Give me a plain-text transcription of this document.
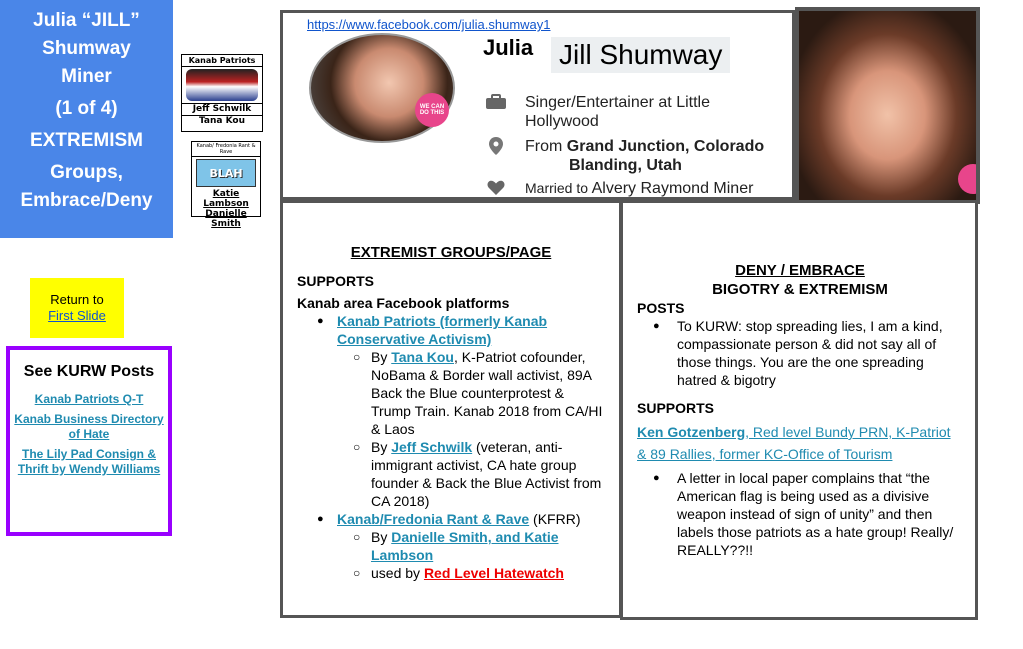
Julia “JILL”
Shumway
Miner
(1 of 4)
EXTREMISM
Groups,
Embrace/Deny
Kanab Patriots
Jeff Schwilk
Tana Kou
Kanab/ Fredonia Rant & Rave
BLAH
Katie Lambson
Danielle Smith
Return to
First Slide
See KURW Posts
Kanab Patriots Q-T
Kanab Business Directory of Hate
The Lily Pad Consign & Thrift by Wendy Williams
https://www.facebook.com/julia.shumway1
WE CAN DO THIS
Julia Jill Shumway
Singer/Entertainer at Little Hollywood
From Grand Junction, Colorado
Blanding, Utah
Married to Alvery Raymond Miner
EXTREMIST GROUPS/PAGE
SUPPORTS
Kanab area Facebook platforms
● Kanab Patriots (formerly Kanab Conservative Activism)
○ By Tana Kou, K-Patriot cofounder, NoBama & Border wall activist, 89A Back the Blue counterprotest & Trump Train. Kanab 2018 from CA/HI & Laos
○ By Jeff Schwilk (veteran, anti-immigrant activist, CA hate group founder & Back the Blue Activist from CA 2018)
● Kanab/Fredonia Rant & Rave (KFRR)
○ By Danielle Smith, and Katie Lambson
○ used by Red Level Hatewatch
DENY / EMBRACE
BIGOTRY & EXTREMISM
POSTS
● To KURW: stop spreading lies, I am a kind, compassionate person & did not say all of those things. You are the one spreading hatred & bigotry
SUPPORTS
Ken Gotzenberg, Red level Bundy PRN, K-Patriot & 89 Rallies, former KC-Office of Tourism
● A letter in local paper complains that “the American flag is being used as a divisive weapon instead of sign of unity” and then labels those patriots as a hate group! Really/ REALLY??!!
